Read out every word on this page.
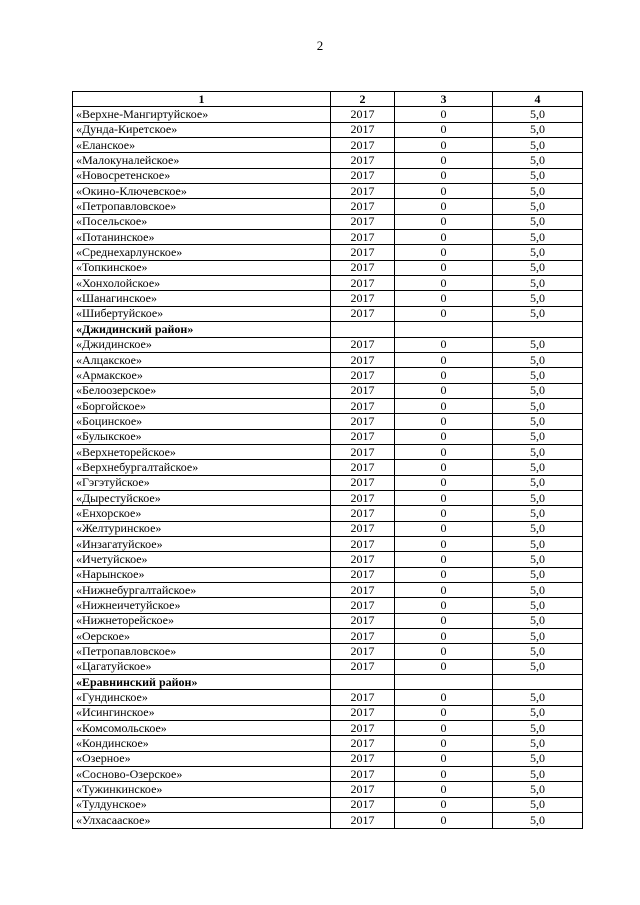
2
1	2	3	4
«Верхне-Мангиртуйское»	2017	0	5,0
«Дунда-Киретское»	2017	0	5,0
«Еланское»	2017	0	5,0
«Малокуналейское»	2017	0	5,0
«Новосретенское»	2017	0	5,0
«Окино-Ключевское»	2017	0	5,0
«Петропавловское»	2017	0	5,0
«Посельское»	2017	0	5,0
«Потанинское»	2017	0	5,0
«Среднехарлунское»	2017	0	5,0
«Топкинское»	2017	0	5,0
«Хонхолойское»	2017	0	5,0
«Шанагинское»	2017	0	5,0
«Шибертуйское»	2017	0	5,0
«Джидинский район»			
«Джидинское»	2017	0	5,0
«Алцакское»	2017	0	5,0
«Армакское»	2017	0	5,0
«Белоозерское»	2017	0	5,0
«Боргойское»	2017	0	5,0
«Боцинское»	2017	0	5,0
«Булыкское»	2017	0	5,0
«Верхнеторейское»	2017	0	5,0
«Верхнебургалтайское»	2017	0	5,0
«Гэгэтуйское»	2017	0	5,0
«Дырестуйское»	2017	0	5,0
«Енхорское»	2017	0	5,0
«Желтуринское»	2017	0	5,0
«Инзагатуйское»	2017	0	5,0
«Ичетуйское»	2017	0	5,0
«Нарынское»	2017	0	5,0
«Нижнебургалтайское»	2017	0	5,0
«Нижнеичетуйское»	2017	0	5,0
«Нижнеторейское»	2017	0	5,0
«Оерское»	2017	0	5,0
«Петропавловское»	2017	0	5,0
«Цагатуйское»	2017	0	5,0
«Еравнинский район»			
«Гундинское»	2017	0	5,0
«Исингинское»	2017	0	5,0
«Комсомольское»	2017	0	5,0
«Кондинское»	2017	0	5,0
«Озерное»	2017	0	5,0
«Сосново-Озерское»	2017	0	5,0
«Тужинкинское»	2017	0	5,0
«Тулдунское»	2017	0	5,0
«Улхасаaское»	2017	0	5,0
